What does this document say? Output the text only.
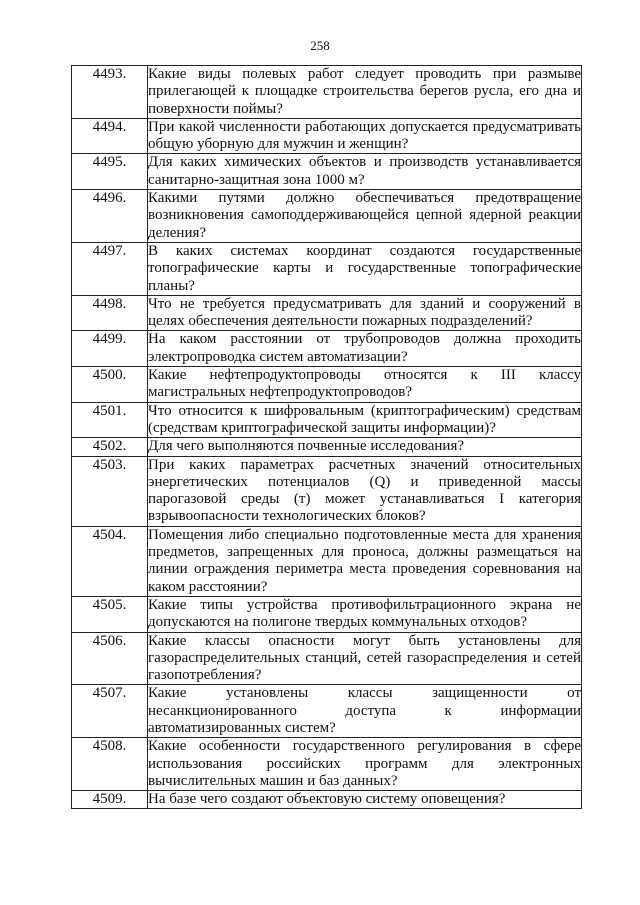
258
4493.	Какие виды полевых работ следует проводить при размыве прилегающей к площадке строительства берегов русла, его дна и поверхности поймы?
4494.	При какой численности работающих допускается предусматривать общую уборную для мужчин и женщин?
4495.	Для каких химических объектов и производств устанавливается санитарно-защитная зона 1000 м?
4496.	Какими путями должно обеспечиваться предотвращение возникновения самоподдерживающейся цепной ядерной реакции деления?
4497.	В каких системах координат создаются государственные топографические карты и государственные топографические планы?
4498.	Что не требуется предусматривать для зданий и сооружений в целях обеспечения деятельности пожарных подразделений?
4499.	На каком расстоянии от трубопроводов должна проходить электропроводка систем автоматизации?
4500.	Какие нефтепродуктопроводы относятся к III классу магистральных нефтепродуктопроводов?
4501.	Что относится к шифровальным (криптографическим) средствам (средствам криптографической защиты информации)?
4502.	Для чего выполняются почвенные исследования?
4503.	При каких параметрах расчетных значений относительных энергетических потенциалов (Q) и приведенной массы парогазовой среды (т) может устанавливаться I категория взрывоопасности технологических блоков?
4504.	Помещения либо специально подготовленные места для хранения предметов, запрещенных для проноса, должны размещаться на линии ограждения периметра места проведения соревнования на каком расстоянии?
4505.	Какие типы устройства противофильтрационного экрана не допускаются на полигоне твердых коммунальных отходов?
4506.	Какие классы опасности могут быть установлены для газораспределительных станций, сетей газораспределения и сетей газопотребления?
4507.	Какие установлены классы защищенности от несанкционированного доступа к информации автоматизированных систем?
4508.	Какие особенности государственного регулирования в сфере использования российских программ для электронных вычислительных машин и баз данных?
4509.	На базе чего создают объектовую систему оповещения?
